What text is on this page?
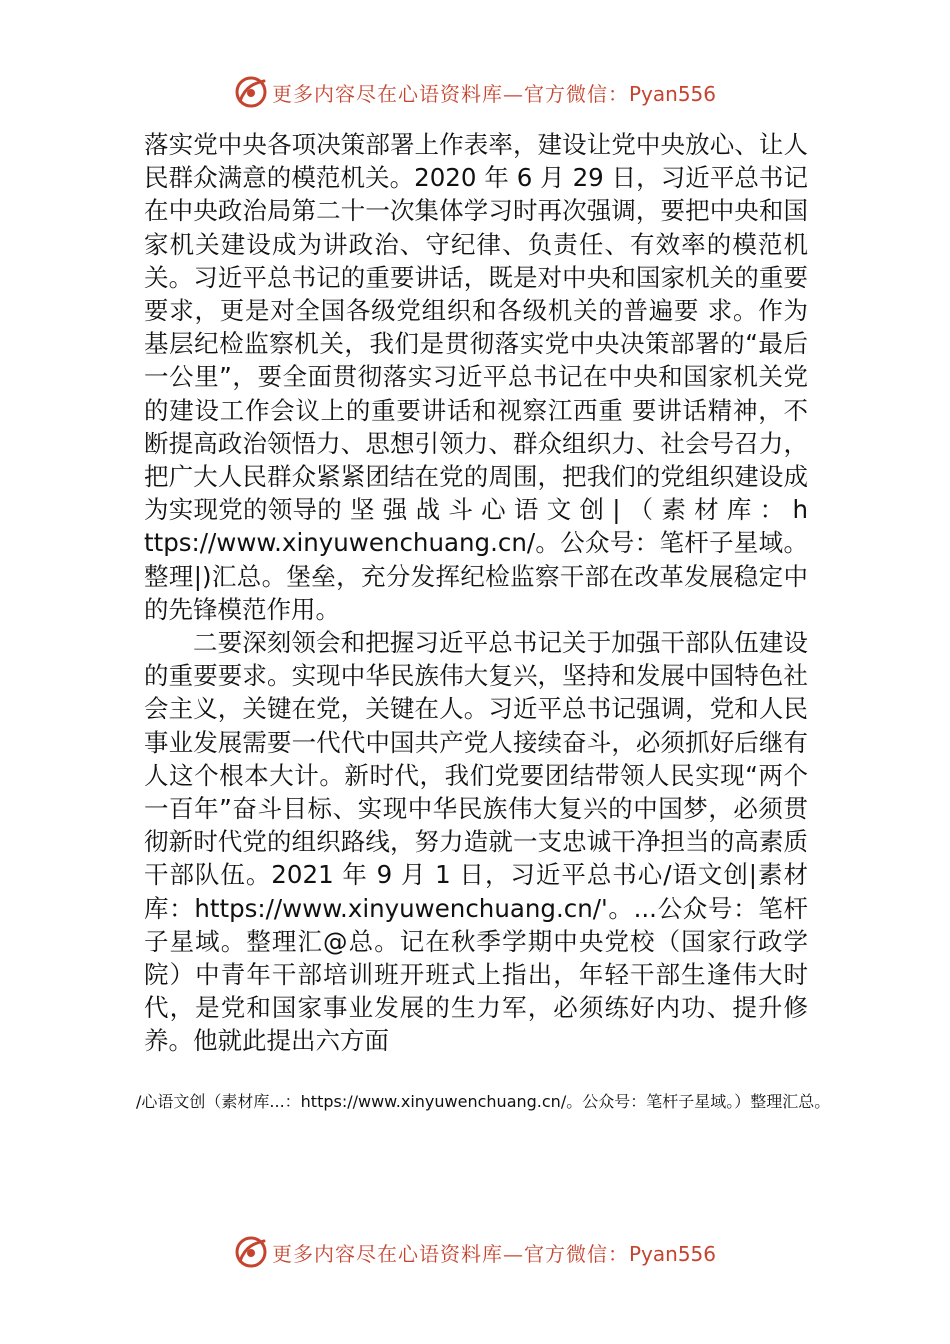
更多内容尽在心语资料库—官方微信：Pyan556

落实党中央各项决策部署上作表率，建设让党中央放心、让人民群众满意的模范机关。2020 年 6 月 29 日，习近平总书记在中央政治局第二十一次集体学习时再次强调，要把中央和国家机关建设成为讲政治、守纪律、负责任、有效率的模范机关。习近平总书记的重要讲话，既是对中央和国家机关的重要要求，更是对全国各级党组织和各级机关的普遍要 求。作为基层纪检监察机关，我们是贯彻落实党中央决策部署的“最后一公里”，要全面贯彻落实习近平总书记在中央和国家机关党的建设工作会议上的重要讲话和视察江西重 要讲话精神，不断提高政治领悟力、思想引领力、群众组织力、社会号召力，把广大人民群众紧紧团结在党的周围，把我们的党组织建设成为实现党的领导的 坚 强 战 斗 心 语 文 创 | （ 素 材 库 ： https://www.xinyuwenchuang.cn/。公众号：笔杆子星域。整理|)汇总。堡垒，充分发挥纪检监察干部在改革发展稳定中的先锋模范作用。

二要深刻领会和把握习近平总书记关于加强干部队伍建设的重要要求。实现中华民族伟大复兴，坚持和发展中国特色社会主义，关键在党，关键在人。习近平总书记强调，党和人民事业发展需要一代代中国共产党人接续奋斗，必须抓好后继有人这个根本大计。新时代，我们党要团结带领人民实现“两个一百年”奋斗目标、实现中华民族伟大复兴的中国梦，必须贯彻新时代党的组织路线，努力造就一支忠诚干净担当的高素质干部队伍。2021 年 9 月 1 日，习近平总书心/语文创|素材库：https://www.xinyuwenchuang.cn/'。...公众号：笔杆子星域。整理汇@总。记在秋季学期中央党校（国家行政学院）中青年干部培训班开班式上指出，年轻干部生逢伟大时代，是党和国家事业发展的生力军，必须练好内功、提升修养。他就此提出六方面

/心语文创（素材库...：https://www.xinyuwenchuang.cn/。公众号：笔杆子星域。）整理汇总。

更多内容尽在心语资料库—官方微信：Pyan556
